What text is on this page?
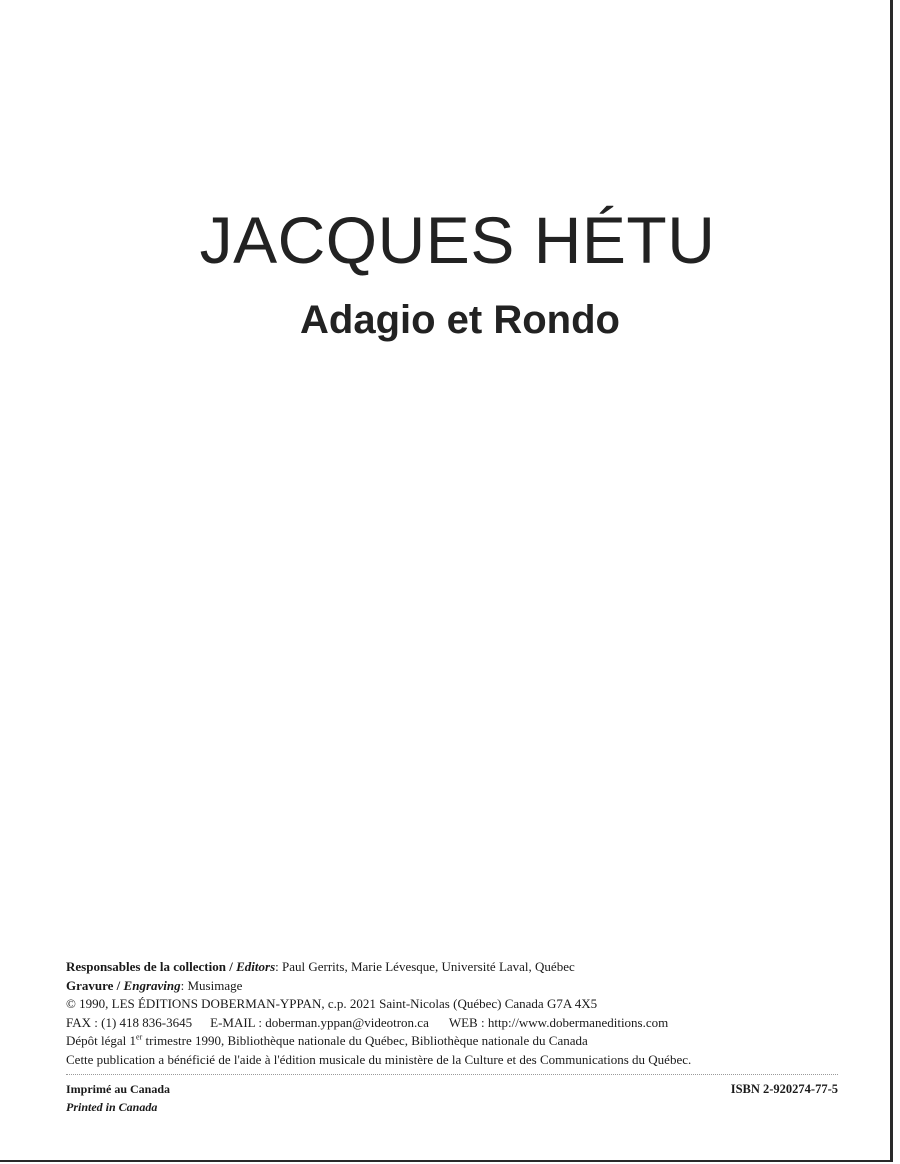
JACQUES HÉTU
Adagio et Rondo
Responsables de la collection / Editors: Paul Gerrits, Marie Lévesque, Université Laval, Québec
Gravure / Engraving: Musimage
© 1990, LES ÉDITIONS DOBERMAN-YPPAN, c.p. 2021 Saint-Nicolas (Québec) Canada G7A 4X5
FAX : (1) 418 836-3645 E-MAIL : doberman.yppan@videotron.ca WEB : http://www.dobermaneditions.com
Dépôt légal 1er trimestre 1990, Bibliothèque nationale du Québec, Bibliothèque nationale du Canada
Cette publication a bénéficié de l'aide à l'édition musicale du ministère de la Culture et des Communications du Québec.
Imprimé au Canada
Printed in Canada
ISBN 2-920274-77-5
